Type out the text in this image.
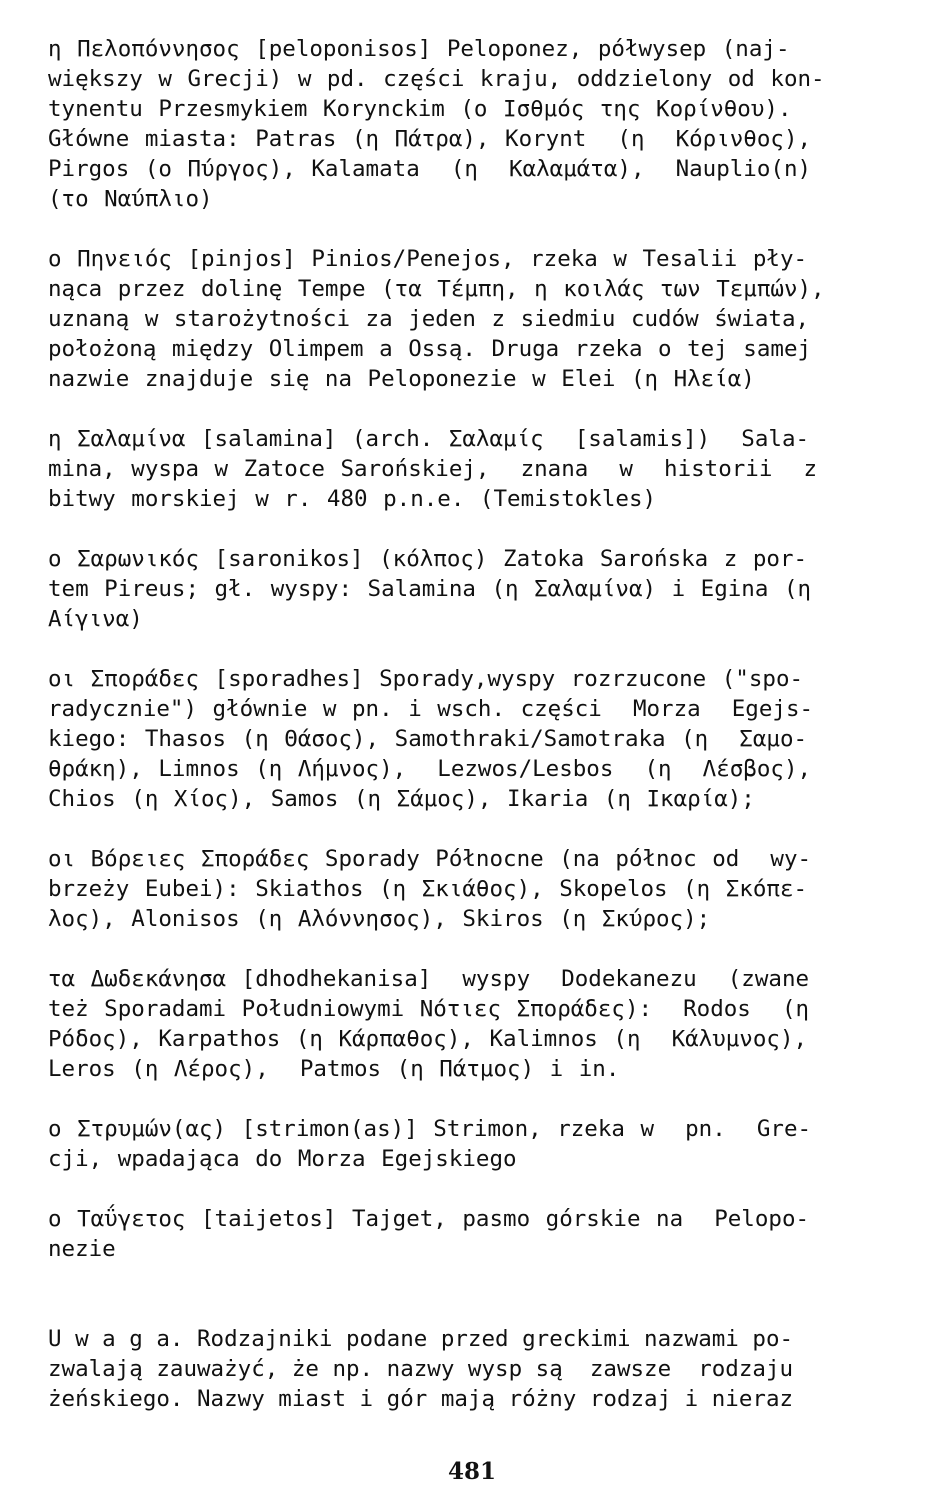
η Πελοπόννησος [peloponisos] Peloponez, półwysep (naj-
większy w Grecji) w pd. części kraju, oddzielony od kon-
tynentu Przesmykiem Korynckim (ο Ισθμός της Κορίνθου).
Główne miasta: Patras (η Πάτρα), Korynt  (η  Κόρινθος),
Pirgos (ο Πύργος), Kalamata  (η  Καλαμάτα),  Nauplio(n)
(το Ναύπλιο)
ο Πηνειός [pinjos] Pinios/Penejos, rzeka w Tesalii pły-
nąca przez dolinę Tempe (τα Τέμπη, η κοιλάς των Τεμπών),
uznaną w starożytności za jeden z siedmiu cudów świata,
położoną między Olimpem a Ossą. Druga rzeka o tej samej
nazwie znajduje się na Peloponezie w Elei (η Ηλεία)
η Σαλαμίνα [salamina] (arch. Σαλαμίς  [salamis])  Sala-
mina, wyspa w Zatoce Sarońskiej,  znana  w  historii  z
bitwy morskiej w r. 480 p.n.e. (Temistokles)
ο Σαρωνικός [saronikos] (κόλπος) Zatoka Sarońska z por-
tem Pireus; gł. wyspy: Salamina (η Σαλαμίνα) i Egina (η
Αίγινα)
οι Σποράδες [sporadhes] Sporady,wyspy rozrzucone ("spo-
radycznie") głównie w pn. i wsch. części  Morza  Egejs-
kiego: Thasos (η Θάσος), Samothraki/Samotraka (η  Σαμο-
θράκη), Limnos (η Λήμνος),  Lezwos/Lesbos  (η  Λέσβος),
Chios (η Χίος), Samos (η Σάμος), Ikaria (η Ικαρία);
οι Βόρειες Σποράδες Sporady Północne (na północ od  wy-
brzeży Eubei): Skiathos (η Σκιάθος), Skopelos (η Σκόπε-
λος), Alonisos (η Αλόννησος), Skiros (η Σκύρος);
τα Δωδεκάνησα [dhodhekanisa]  wyspy  Dodekanezu  (zwane
też Sporadami Południowymi Νότιες Σποράδες):  Rodos  (η
Ρόδος), Karpathos (η Κάρπαθος), Kalimnos (η  Κάλυμνος),
Leros (η Λέρος),  Patmos (η Πάτμος) i in.
ο Στρυμών(ας) [strimon(as)] Strimon, rzeka w  pn.  Gre-
cji, wpadająca do Morza Egejskiego
ο Ταΰγετος [taijetos] Tajget, pasmo górskie na  Pelopo-
nezie
U w a g a. Rodzajniki podane przed greckimi nazwami po-
zwalają zauważyć, że np. nazwy wysp są  zawsze  rodzaju
żeńskiego. Nazwy miast i gór mają różny rodzaj i nieraz
481
